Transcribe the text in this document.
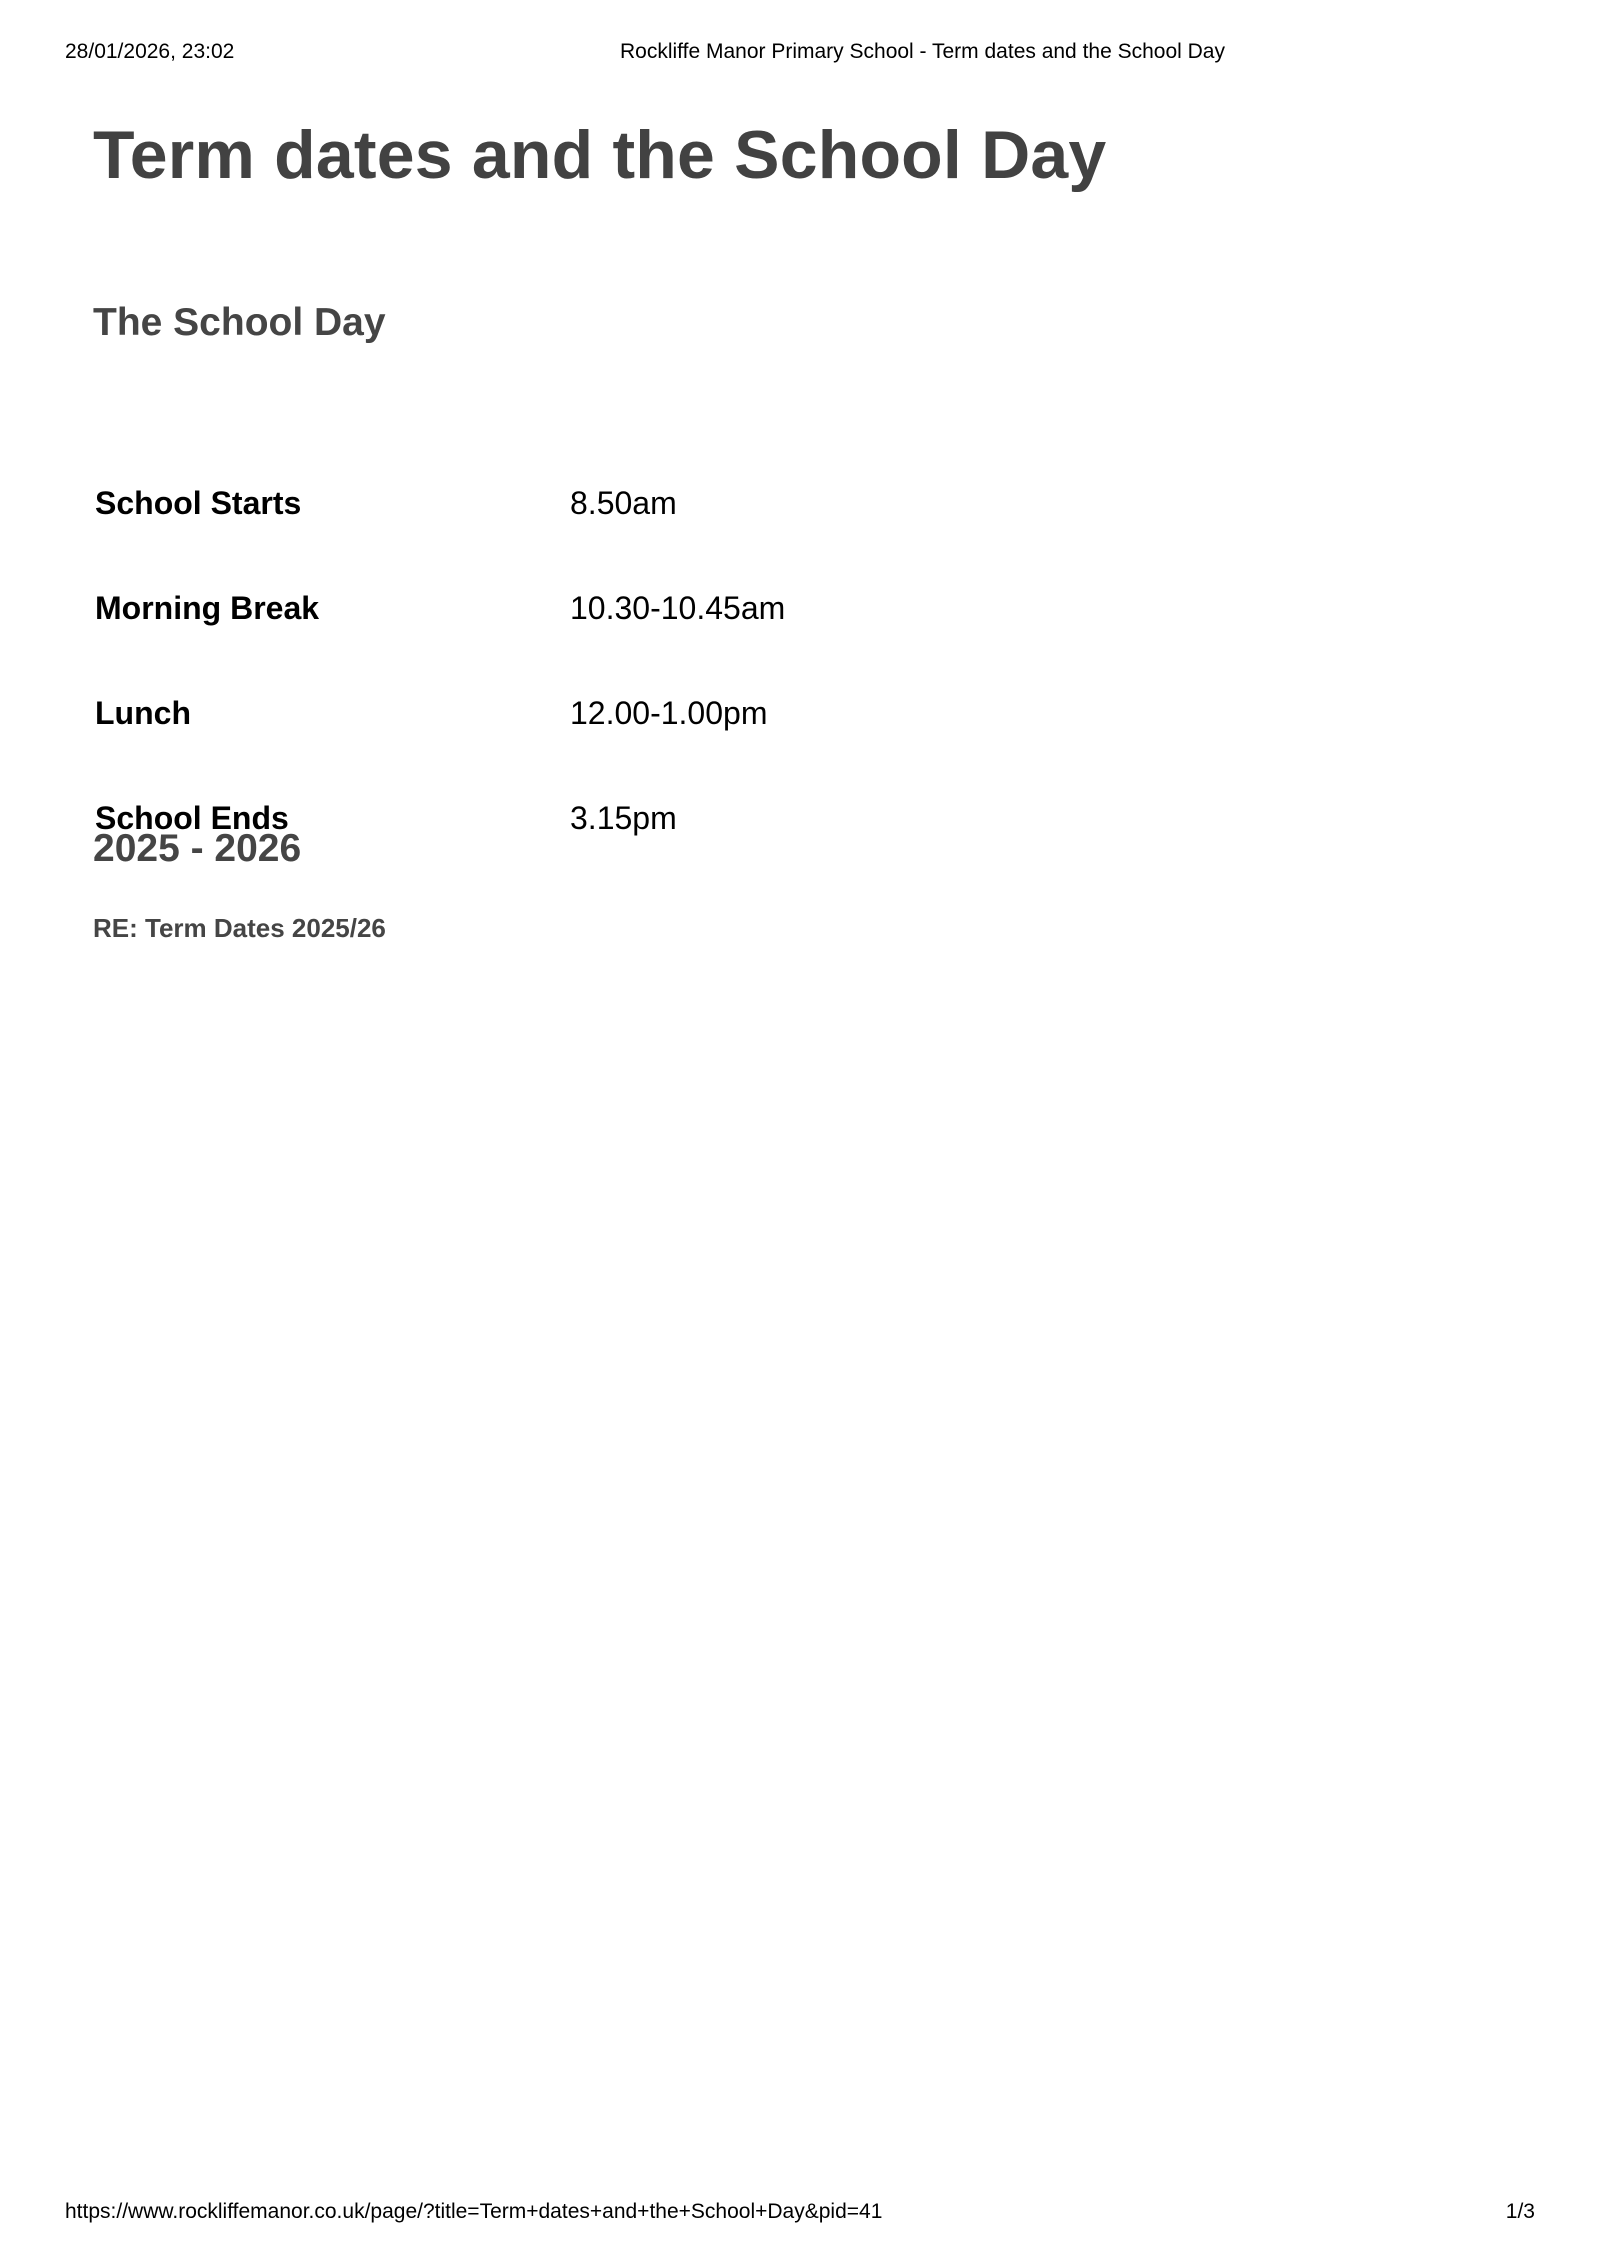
28/01/2026, 23:02	Rockliffe Manor Primary School - Term dates and the School Day
Term dates and the School Day
The School Day
School Starts	8.50am
Morning Break	10.30-10.45am
Lunch	12.00-1.00pm
School Ends	3.15pm
2025 - 2026
RE: Term Dates 2025/26
https://www.rockliffemanor.co.uk/page/?title=Term+dates+and+the+School+Day&pid=41	1/3
